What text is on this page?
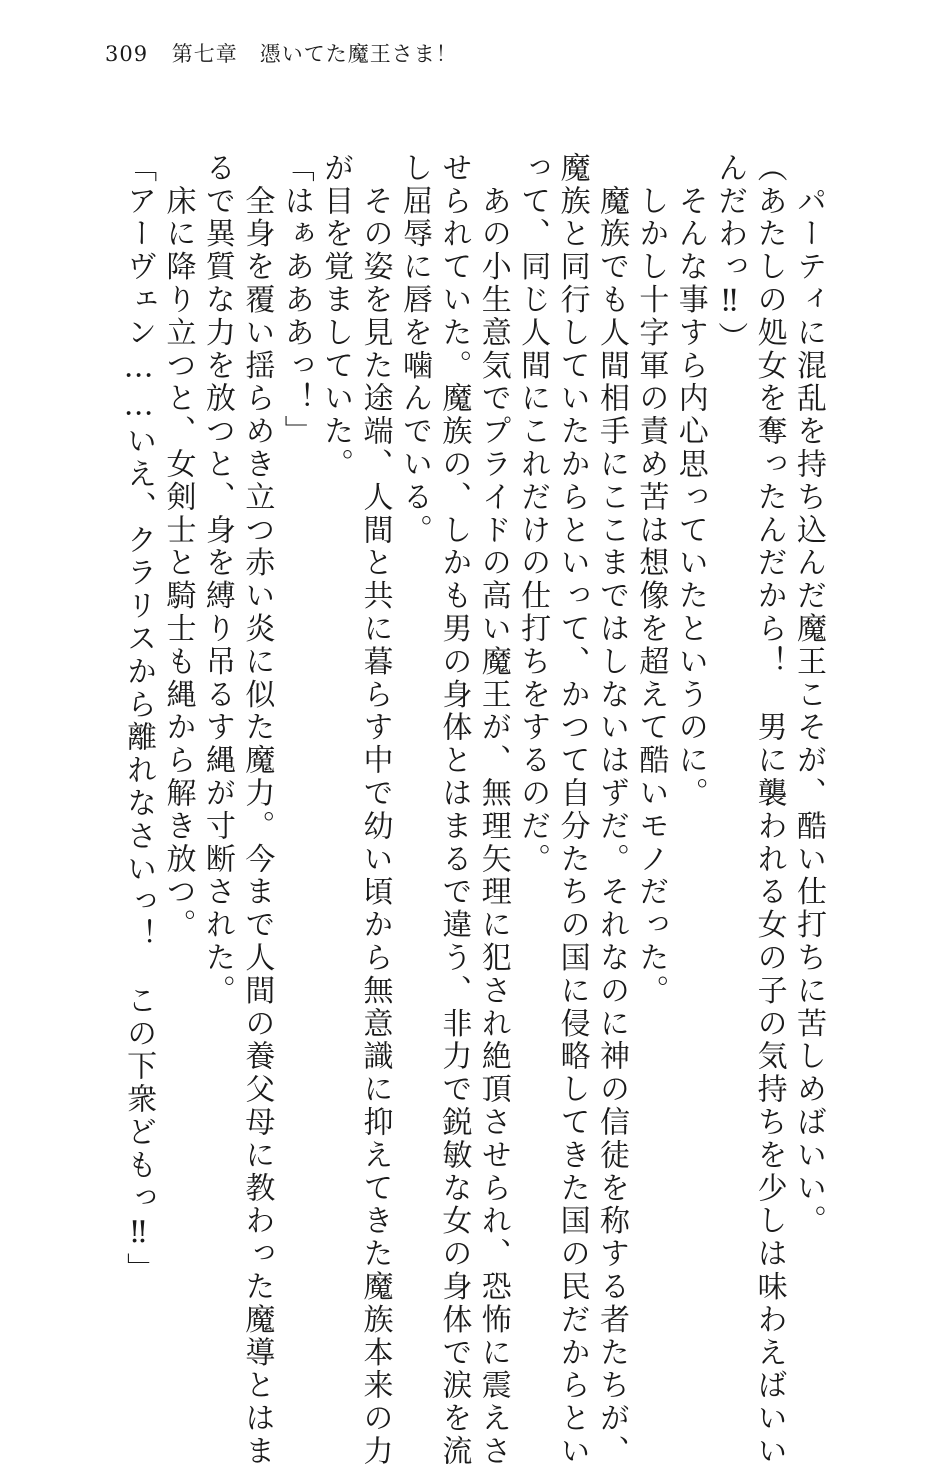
309 第七章　憑いてた魔王さま！
　パーティに混乱を持ち込んだ魔王こそが、酷い仕打ちに苦しめばいい。
（あたしの処女を奪ったんだから！　男に襲われる女の子の気持ちを少しは味わえばいい
んだわっ‼）
　そんな事すら内心思っていたというのに。
　しかし十字軍の責め苦は想像を超えて酷いモノだった。
　魔族でも人間相手にここまではしないはずだ。それなのに神の信徒を称する者たちが、
魔族と同行していたからといって、かつて自分たちの国に侵略してきた国の民だからとい
って、同じ人間にこれだけの仕打ちをするのだ。
　あの小生意気でプライドの高い魔王が、無理矢理に犯され絶頂させられ、恐怖に震えさ
せられていた。魔族の、しかも男の身体とはまるで違う、非力で鋭敏な女の身体で涙を流
し屈辱に唇を噛んでいる。
　その姿を見た途端、人間と共に暮らす中で幼い頃から無意識に抑えてきた魔族本来の力
が目を覚ましていた。
「はぁあああっ！」
　全身を覆い揺らめき立つ赤い炎に似た魔力。今まで人間の養父母に教わった魔導とはま
るで異質な力を放つと、身を縛り吊るす縄が寸断された。
　床に降り立つと、女剣士と騎士も縄から解き放つ。
「アーヴェン……いえ、クラリスから離れなさいっ！　この下衆どもっ‼」
